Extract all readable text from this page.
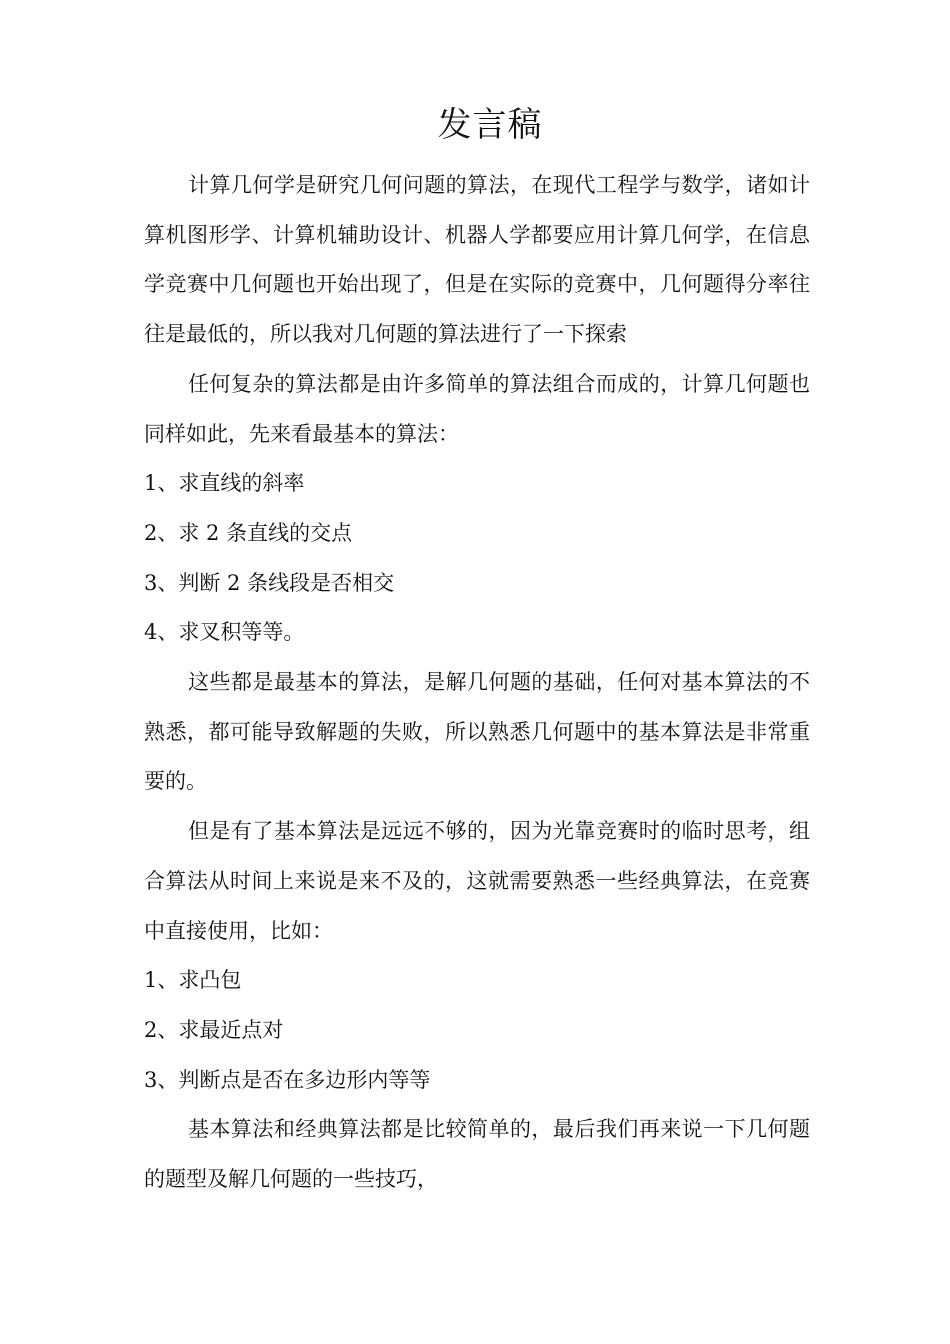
发言稿

计算几何学是研究几何问题的算法，在现代工程学与数学，诸如计算机图形学、计算机辅助设计、机器人学都要应用计算几何学，在信息学竞赛中几何题也开始出现了，但是在实际的竞赛中，几何题得分率往往是最低的，所以我对几何题的算法进行了一下探索

任何复杂的算法都是由许多简单的算法组合而成的，计算几何题也同样如此，先来看最基本的算法：

1、求直线的斜率

2、求 2 条直线的交点

3、判断 2 条线段是否相交

4、求叉积等等。

这些都是最基本的算法，是解几何题的基础，任何对基本算法的不熟悉，都可能导致解题的失败，所以熟悉几何题中的基本算法是非常重要的。

但是有了基本算法是远远不够的，因为光靠竞赛时的临时思考，组合算法从时间上来说是来不及的，这就需要熟悉一些经典算法，在竞赛中直接使用，比如：

1、求凸包

2、求最近点对

3、判断点是否在多边形内等等

基本算法和经典算法都是比较简单的，最后我们再来说一下几何题的题型及解几何题的一些技巧，
